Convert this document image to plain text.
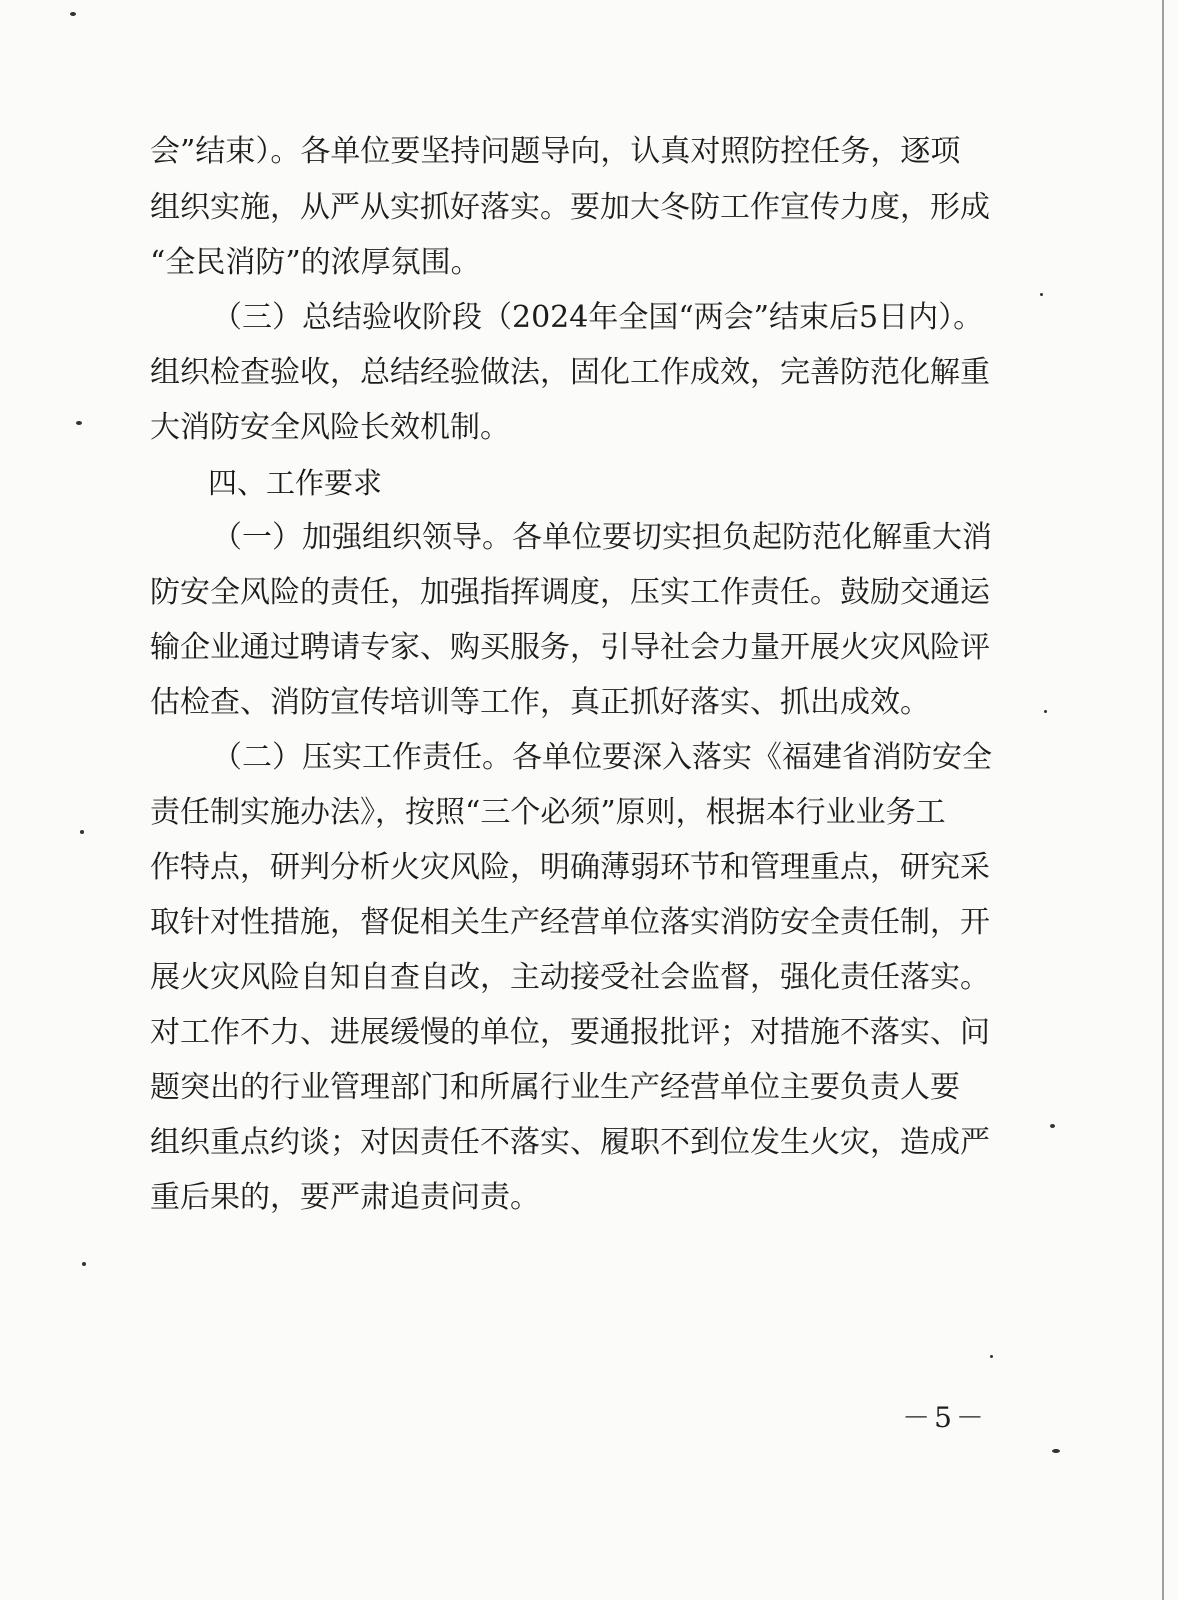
会”结束）。各单位要坚持问题导向，认真对照防控任务，逐项
组织实施，从严从实抓好落实。要加大冬防工作宣传力度，形成
“全民消防”的浓厚氛围。
（三）总结验收阶段（2024年全国“两会”结束后5日内）。
组织检查验收，总结经验做法，固化工作成效，完善防范化解重
大消防安全风险长效机制。
四、工作要求
（一）加强组织领导。各单位要切实担负起防范化解重大消
防安全风险的责任，加强指挥调度，压实工作责任。鼓励交通运
输企业通过聘请专家、购买服务，引导社会力量开展火灾风险评
估检查、消防宣传培训等工作，真正抓好落实、抓出成效。
（二）压实工作责任。各单位要深入落实《福建省消防安全
责任制实施办法》，按照“三个必须”原则，根据本行业业务工
作特点，研判分析火灾风险，明确薄弱环节和管理重点，研究采
取针对性措施，督促相关生产经营单位落实消防安全责任制，开
展火灾风险自知自查自改，主动接受社会监督，强化责任落实。
对工作不力、进展缓慢的单位，要通报批评；对措施不落实、问
题突出的行业管理部门和所属行业生产经营单位主要负责人要
组织重点约谈；对因责任不落实、履职不到位发生火灾，造成严
重后果的，要严肃追责问责。
－5－
